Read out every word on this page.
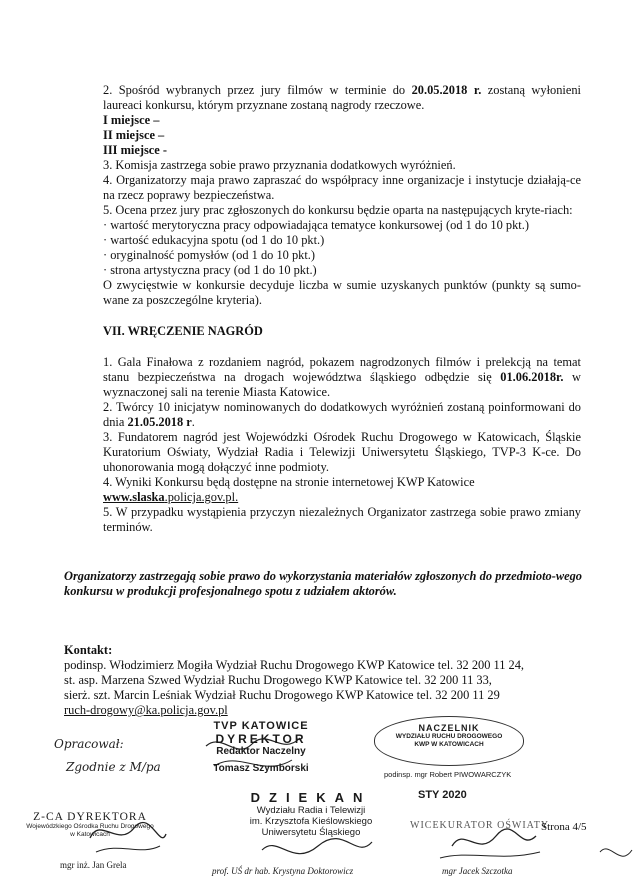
2. Spośród wybranych przez jury filmów w terminie do 20.05.2018 r. zostaną wyłonieni laureaci konkursu, którym przyznane zostaną nagrody rzeczowe.

I miejsce –

II miejsce –

III miejsce -

3. Komisja zastrzega sobie prawo przyznania dodatkowych wyróżnień.

4. Organizatorzy maja prawo zapraszać do współpracy inne organizacje i instytucje działają-ce na rzecz poprawy bezpieczeństwa.

5. Ocena przez jury prac zgłoszonych do konkursu będzie oparta na następujących kryte-riach:

· wartość merytoryczna pracy odpowiadająca tematyce konkursowej (od 1 do 10 pkt.)

· wartość edukacyjna spotu (od 1 do 10 pkt.)

· oryginalność pomysłów (od 1 do 10 pkt.)

· strona artystyczna pracy (od 1 do 10 pkt.)

O zwycięstwie w konkursie decyduje liczba w sumie uzyskanych punktów (punkty są sumo-wane za poszczególne kryteria).

VII. WRĘCZENIE NAGRÓD

1. Gala Finałowa z rozdaniem nagród, pokazem nagrodzonych filmów i prelekcją na temat stanu bezpieczeństwa na drogach województwa śląskiego odbędzie się 01.06.2018r. w wyznaczonej sali na terenie Miasta Katowice.

2. Twórcy 10 inicjatyw nominowanych do dodatkowych wyróżnień zostaną poinformowani do dnia 21.05.2018 r.

3. Fundatorem nagród jest Wojewódzki Ośrodek Ruchu Drogowego w Katowicach, Śląskie Kuratorium Oświaty, Wydział Radia i Telewizji Uniwersytetu Śląskiego, TVP-3 K-ce. Do uhonorowania mogą dołączyć inne podmioty.

4. Wyniki Konkursu będą dostępne na stronie internetowej KWP Katowice

www.slaska.policja.gov.pl.

5. W przypadku wystąpienia przyczyn niezależnych Organizator zastrzega sobie prawo zmiany terminów.

Organizatorzy zastrzegają sobie prawo do wykorzystania materiałów zgłoszonych do przedmioto-wego konkursu w produkcji profesjonalnego spotu z udziałem aktorów.

Kontakt:

podinsp. Włodzimierz Mogiła Wydział Ruchu Drogowego KWP Katowice tel. 32 200 11 24,

st. asp. Marzena Szwed Wydział Ruchu Drogowego KWP Katowice tel. 32 200 11 33,

sierż. szt. Marcin Leśniak Wydział Ruchu Drogowego KWP Katowice tel. 32 200 11 29

ruch-drogowy@ka.policja.gov.pl

Opracował:
Zgodnie z M/pa
TVP KATOWICE
DYREKTOR
Redaktor Naczelny
Tomasz Szymborski
NACZELNIK
WYDZIAŁU RUCHU DROGOWEGO
KWP W KATOWICACH
podinsp. mgr Robert PIWOWARCZYK
DZIEKAN
Wydziału Radia i Telewizji
im. Krzysztofa Kieślowskiego
Uniwersytetu Śląskiego
STY 2020
Z-CA DYREKTORA
Wojewódzkiego Ośrodka Ruchu Drogowego
w Katowicach
mgr inż. Jan Grela
prof. UŚ dr hab. Krystyna Doktorowicz
WICEKURATOR OŚWIATY
mgr Jacek Szczotka
Strona 4/5
